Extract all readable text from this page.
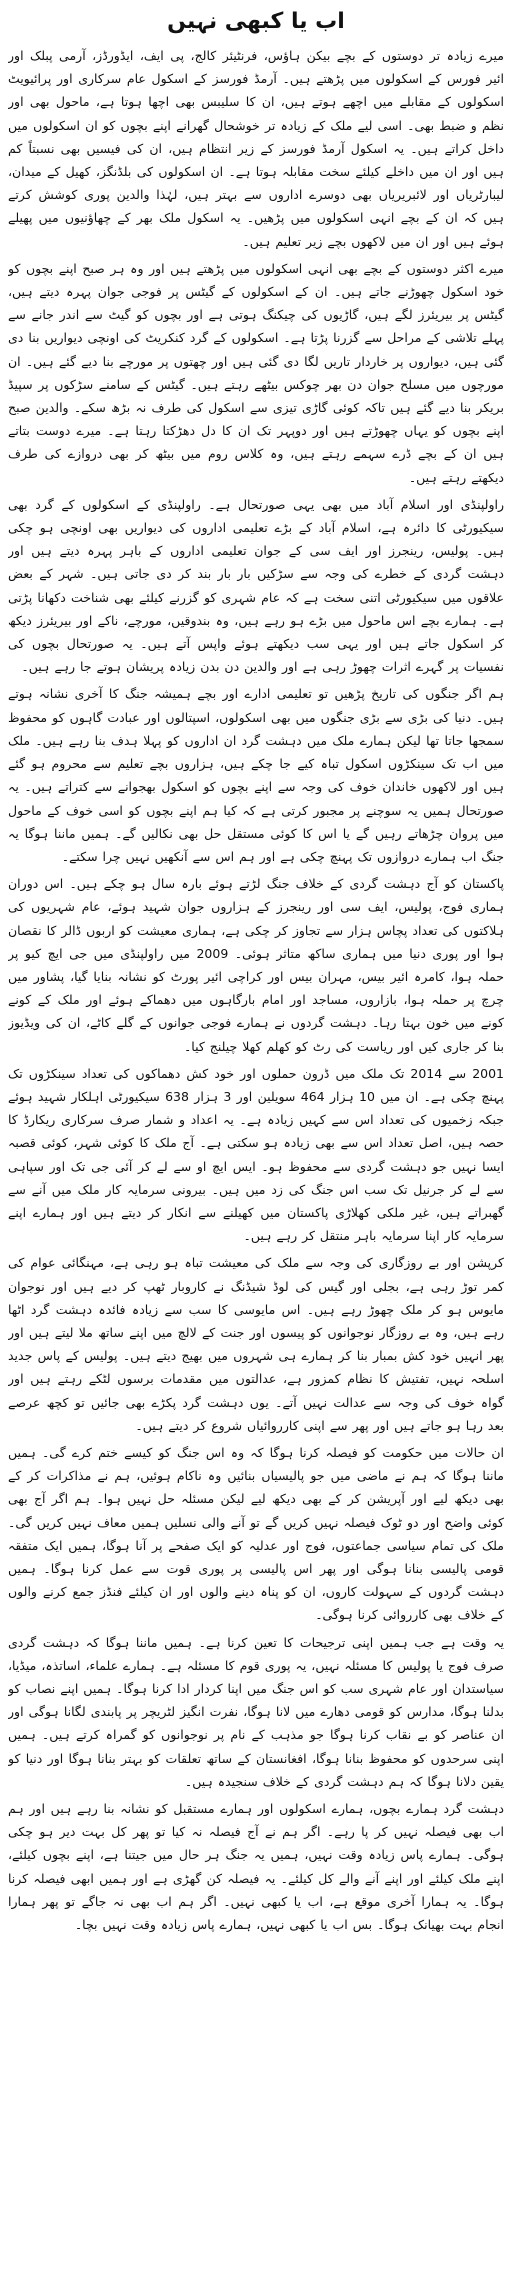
اب یا کبھی نہیں

میرے زیادہ تر دوستوں کے بچے بیکن ہاؤس، فرنٹیئر کالج، پی ایف، ایڈورڈز، آرمی پبلک اور ائیر فورس کے اسکولوں میں پڑھتے ہیں۔ آرمڈ فورسز کے اسکول عام سرکاری اور پرائیویٹ اسکولوں کے مقابلے میں اچھے ہوتے ہیں، ان کا سلیبس بھی اچھا ہوتا ہے، ماحول بھی اور نظم و ضبط بھی۔ اسی لیے ملک کے زیادہ تر خوشحال گھرانے اپنے بچوں کو ان اسکولوں میں داخل کراتے ہیں۔ یہ اسکول آرمڈ فورسز کے زیر انتظام ہیں، ان کی فیسیں بھی نسبتاً کم ہیں اور ان میں داخلے کیلئے سخت مقابلہ ہوتا ہے۔ ان اسکولوں کی بلڈنگز، کھیل کے میدان، لیبارٹریاں اور لائبریریاں بھی دوسرے اداروں سے بہتر ہیں، لہٰذا والدین پوری کوشش کرتے ہیں کہ ان کے بچے انہی اسکولوں میں پڑھیں۔ یہ اسکول ملک بھر کے چھاؤنیوں میں پھیلے ہوئے ہیں اور ان میں لاکھوں بچے زیر تعلیم ہیں۔

میرے اکثر دوستوں کے بچے بھی انہی اسکولوں میں پڑھتے ہیں اور وہ ہر صبح اپنے بچوں کو خود اسکول چھوڑنے جاتے ہیں۔ ان کے اسکولوں کے گیٹس پر فوجی جوان پہرہ دیتے ہیں، گیٹس پر بیریئرز لگے ہیں، گاڑیوں کی چیکنگ ہوتی ہے اور بچوں کو گیٹ سے اندر جانے سے پہلے تلاشی کے مراحل سے گزرنا پڑتا ہے۔ اسکولوں کے گرد کنکریٹ کی اونچی دیواریں بنا دی گئی ہیں، دیواروں پر خاردار تاریں لگا دی گئی ہیں اور چھتوں پر مورچے بنا دیے گئے ہیں۔ ان مورچوں میں مسلح جوان دن بھر چوکس بیٹھے رہتے ہیں۔ گیٹس کے سامنے سڑکوں پر سپیڈ بریکر بنا دیے گئے ہیں تاکہ کوئی گاڑی تیزی سے اسکول کی طرف نہ بڑھ سکے۔ والدین صبح اپنے بچوں کو یہاں چھوڑتے ہیں اور دوپہر تک ان کا دل دھڑکتا رہتا ہے۔ میرے دوست بتاتے ہیں ان کے بچے ڈرے سہمے رہتے ہیں، وہ کلاس روم میں بیٹھ کر بھی دروازے کی طرف دیکھتے رہتے ہیں۔

راولپنڈی اور اسلام آباد میں بھی یہی صورتحال ہے۔ راولپنڈی کے اسکولوں کے گرد بھی سیکیورٹی کا دائرہ ہے، اسلام آباد کے بڑے تعلیمی اداروں کی دیواریں بھی اونچی ہو چکی ہیں۔ پولیس، رینجرز اور ایف سی کے جوان تعلیمی اداروں کے باہر پہرہ دیتے ہیں اور دہشت گردی کے خطرے کی وجہ سے سڑکیں بار بار بند کر دی جاتی ہیں۔ شہر کے بعض علاقوں میں سیکیورٹی اتنی سخت ہے کہ عام شہری کو گزرنے کیلئے بھی شناخت دکھانا پڑتی ہے۔ ہمارے بچے اس ماحول میں بڑے ہو رہے ہیں، وہ بندوقیں، مورچے، ناکے اور بیریئرز دیکھ کر اسکول جاتے ہیں اور یہی سب دیکھتے ہوئے واپس آتے ہیں۔ یہ صورتحال بچوں کی نفسیات پر گہرے اثرات چھوڑ رہی ہے اور والدین دن بدن زیادہ پریشان ہوتے جا رہے ہیں۔

ہم اگر جنگوں کی تاریخ پڑھیں تو تعلیمی ادارے اور بچے ہمیشہ جنگ کا آخری نشانہ ہوتے ہیں۔ دنیا کی بڑی سے بڑی جنگوں میں بھی اسکولوں، اسپتالوں اور عبادت گاہوں کو محفوظ سمجھا جاتا تھا لیکن ہمارے ملک میں دہشت گرد ان اداروں کو پہلا ہدف بنا رہے ہیں۔ ملک میں اب تک سینکڑوں اسکول تباہ کیے جا چکے ہیں، ہزاروں بچے تعلیم سے محروم ہو گئے ہیں اور لاکھوں خاندان خوف کی وجہ سے اپنے بچوں کو اسکول بھجوانے سے کتراتے ہیں۔ یہ صورتحال ہمیں یہ سوچنے پر مجبور کرتی ہے کہ کیا ہم اپنے بچوں کو اسی خوف کے ماحول میں پروان چڑھاتے رہیں گے یا اس کا کوئی مستقل حل بھی نکالیں گے۔ ہمیں ماننا ہوگا یہ جنگ اب ہمارے دروازوں تک پہنچ چکی ہے اور ہم اس سے آنکھیں نہیں چرا سکتے۔

پاکستان کو آج دہشت گردی کے خلاف جنگ لڑتے ہوئے بارہ سال ہو چکے ہیں۔ اس دوران ہماری فوج، پولیس، ایف سی اور رینجرز کے ہزاروں جوان شہید ہوئے، عام شہریوں کی ہلاکتوں کی تعداد پچاس ہزار سے تجاوز کر چکی ہے، ہماری معیشت کو اربوں ڈالر کا نقصان ہوا اور پوری دنیا میں ہماری ساکھ متاثر ہوئی۔ 2009 میں راولپنڈی میں جی ایچ کیو پر حملہ ہوا، کامرہ ائیر بیس، مہران بیس اور کراچی ائیر پورٹ کو نشانہ بنایا گیا، پشاور میں چرچ پر حملہ ہوا، بازاروں، مساجد اور امام بارگاہوں میں دھماکے ہوئے اور ملک کے کونے کونے میں خون بہتا رہا۔ دہشت گردوں نے ہمارے فوجی جوانوں کے گلے کاٹے، ان کی ویڈیوز بنا کر جاری کیں اور ریاست کی رٹ کو کھلم کھلا چیلنج کیا۔

2001 سے 2014 تک ملک میں ڈرون حملوں اور خود کش دھماکوں کی تعداد سینکڑوں تک پہنچ چکی ہے۔ ان میں 10 ہزار 464 سویلین اور 3 ہزار 638 سیکیورٹی اہلکار شہید ہوئے جبکہ زخمیوں کی تعداد اس سے کہیں زیادہ ہے۔ یہ اعداد و شمار صرف سرکاری ریکارڈ کا حصہ ہیں، اصل تعداد اس سے بھی زیادہ ہو سکتی ہے۔ آج ملک کا کوئی شہر، کوئی قصبہ ایسا نہیں جو دہشت گردی سے محفوظ ہو۔ ایس ایچ او سے لے کر آئی جی تک اور سپاہی سے لے کر جرنیل تک سب اس جنگ کی زد میں ہیں۔ بیرونی سرمایہ کار ملک میں آنے سے گھبراتے ہیں، غیر ملکی کھلاڑی پاکستان میں کھیلنے سے انکار کر دیتے ہیں اور ہمارے اپنے سرمایہ کار اپنا سرمایہ باہر منتقل کر رہے ہیں۔

کرپشن اور بے روزگاری کی وجہ سے ملک کی معیشت تباہ ہو رہی ہے، مہنگائی عوام کی کمر توڑ رہی ہے، بجلی اور گیس کی لوڈ شیڈنگ نے کاروبار ٹھپ کر دیے ہیں اور نوجوان مایوس ہو کر ملک چھوڑ رہے ہیں۔ اس مایوسی کا سب سے زیادہ فائدہ دہشت گرد اٹھا رہے ہیں، وہ بے روزگار نوجوانوں کو پیسوں اور جنت کے لالچ میں اپنے ساتھ ملا لیتے ہیں اور پھر انہیں خود کش بمبار بنا کر ہمارے ہی شہروں میں بھیج دیتے ہیں۔ پولیس کے پاس جدید اسلحہ نہیں، تفتیش کا نظام کمزور ہے، عدالتوں میں مقدمات برسوں لٹکے رہتے ہیں اور گواہ خوف کی وجہ سے عدالت نہیں آتے۔ یوں دہشت گرد پکڑے بھی جائیں تو کچھ عرصے بعد رہا ہو جاتے ہیں اور پھر سے اپنی کارروائیاں شروع کر دیتے ہیں۔

ان حالات میں حکومت کو فیصلہ کرنا ہوگا کہ وہ اس جنگ کو کیسے ختم کرے گی۔ ہمیں ماننا ہوگا کہ ہم نے ماضی میں جو پالیسیاں بنائیں وہ ناکام ہوئیں، ہم نے مذاکرات کر کے بھی دیکھ لیے اور آپریشن کر کے بھی دیکھ لیے لیکن مسئلہ حل نہیں ہوا۔ ہم اگر آج بھی کوئی واضح اور دو ٹوک فیصلہ نہیں کریں گے تو آنے والی نسلیں ہمیں معاف نہیں کریں گی۔ ملک کی تمام سیاسی جماعتوں، فوج اور عدلیہ کو ایک صفحے پر آنا ہوگا، ہمیں ایک متفقہ قومی پالیسی بنانا ہوگی اور پھر اس پالیسی پر پوری قوت سے عمل کرنا ہوگا۔ ہمیں دہشت گردوں کے سہولت کاروں، ان کو پناہ دینے والوں اور ان کیلئے فنڈز جمع کرنے والوں کے خلاف بھی کارروائی کرنا ہوگی۔

یہ وقت ہے جب ہمیں اپنی ترجیحات کا تعین کرنا ہے۔ ہمیں ماننا ہوگا کہ دہشت گردی صرف فوج یا پولیس کا مسئلہ نہیں، یہ پوری قوم کا مسئلہ ہے۔ ہمارے علماء، اساتذہ، میڈیا، سیاستدان اور عام شہری سب کو اس جنگ میں اپنا کردار ادا کرنا ہوگا۔ ہمیں اپنے نصاب کو بدلنا ہوگا، مدارس کو قومی دھارے میں لانا ہوگا، نفرت انگیز لٹریچر پر پابندی لگانا ہوگی اور ان عناصر کو بے نقاب کرنا ہوگا جو مذہب کے نام پر نوجوانوں کو گمراہ کرتے ہیں۔ ہمیں اپنی سرحدوں کو محفوظ بنانا ہوگا، افغانستان کے ساتھ تعلقات کو بہتر بنانا ہوگا اور دنیا کو یقین دلانا ہوگا کہ ہم دہشت گردی کے خلاف سنجیدہ ہیں۔

دہشت گرد ہمارے بچوں، ہمارے اسکولوں اور ہمارے مستقبل کو نشانہ بنا رہے ہیں اور ہم اب بھی فیصلہ نہیں کر پا رہے۔ اگر ہم نے آج فیصلہ نہ کیا تو پھر کل بہت دیر ہو چکی ہوگی۔ ہمارے پاس زیادہ وقت نہیں، ہمیں یہ جنگ ہر حال میں جیتنا ہے، اپنے بچوں کیلئے، اپنے ملک کیلئے اور اپنے آنے والے کل کیلئے۔ یہ فیصلہ کن گھڑی ہے اور ہمیں ابھی فیصلہ کرنا ہوگا۔ یہ ہمارا آخری موقع ہے، اب یا کبھی نہیں۔ اگر ہم اب بھی نہ جاگے تو پھر ہمارا انجام بہت بھیانک ہوگا۔ بس اب یا کبھی نہیں، ہمارے پاس زیادہ وقت نہیں بچا۔
